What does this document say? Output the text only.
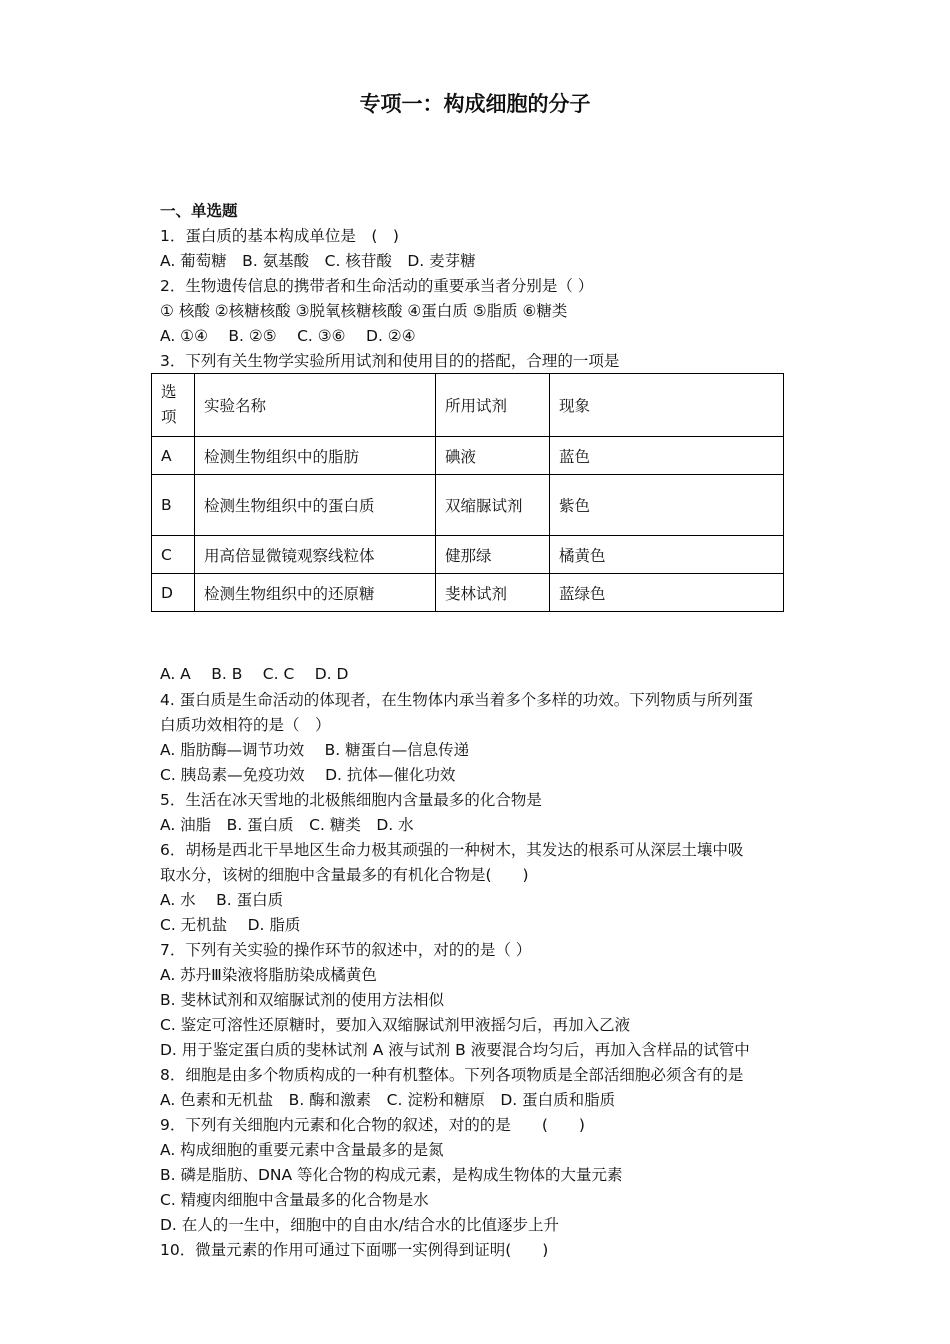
专项一：构成细胞的分子
一、单选题
1．蛋白质的基本构成单位是　(　)
A. 葡萄糖　B. 氨基酸　C. 核苷酸　D. 麦芽糖
2．生物遗传信息的携带者和生命活动的重要承当者分别是（ ）
① 核酸 ②核糖核酸 ③脱氧核糖核酸 ④蛋白质 ⑤脂质 ⑥糖类
A. ①④　 B. ②⑤　 C. ③⑥　 D. ②④
3．下列有关生物学实验所用试剂和使用目的的搭配，合理的一项是
选
项	实验名称	所用试剂	现象
A	检测生物组织中的脂肪	碘液	蓝色
B	检测生物组织中的蛋白质	双缩脲试剂	紫色
C	用高倍显微镜观察线粒体	健那绿	橘黄色
D	检测生物组织中的还原糖	斐林试剂	蓝绿色
A. A　 B. B　 C. C　 D. D
4. 蛋白质是生命活动的体现者，在生物体内承当着多个多样的功效。下列物质与所列蛋
白质功效相符的是（　）
A. 脂肪酶—调节功效　 B. 糖蛋白—信息传递
C. 胰岛素—免疫功效　 D. 抗体—催化功效
5．生活在冰天雪地的北极熊细胞内含量最多的化合物是
A. 油脂　B. 蛋白质　C. 糖类　D. 水
6．胡杨是西北干旱地区生命力极其顽强的一种树木，其发达的根系可从深层土壤中吸
取水分，该树的细胞中含量最多的有机化合物是(　　)
A. 水　 B. 蛋白质
C. 无机盐　 D. 脂质
7．下列有关实验的操作环节的叙述中，对的的是（ ）
A. 苏丹Ⅲ染液将脂肪染成橘黄色
B. 斐林试剂和双缩脲试剂的使用方法相似
C. 鉴定可溶性还原糖时，要加入双缩脲试剂甲液摇匀后，再加入乙液
D. 用于鉴定蛋白质的斐林试剂 A 液与试剂 B 液要混合均匀后，再加入含样品的试管中
8．细胞是由多个物质构成的一种有机整体。下列各项物质是全部活细胞必须含有的是
A. 色素和无机盐　B. 酶和激素　C. 淀粉和糖原　D. 蛋白质和脂质
9．下列有关细胞内元素和化合物的叙述，对的的是　　(　　)
A. 构成细胞的重要元素中含量最多的是氮
B. 磷是脂肪、DNA 等化合物的构成元素，是构成生物体的大量元素
C. 精瘦肉细胞中含量最多的化合物是水
D. 在人的一生中，细胞中的自由水/结合水的比值逐步上升
10．微量元素的作用可通过下面哪一实例得到证明(　　)
